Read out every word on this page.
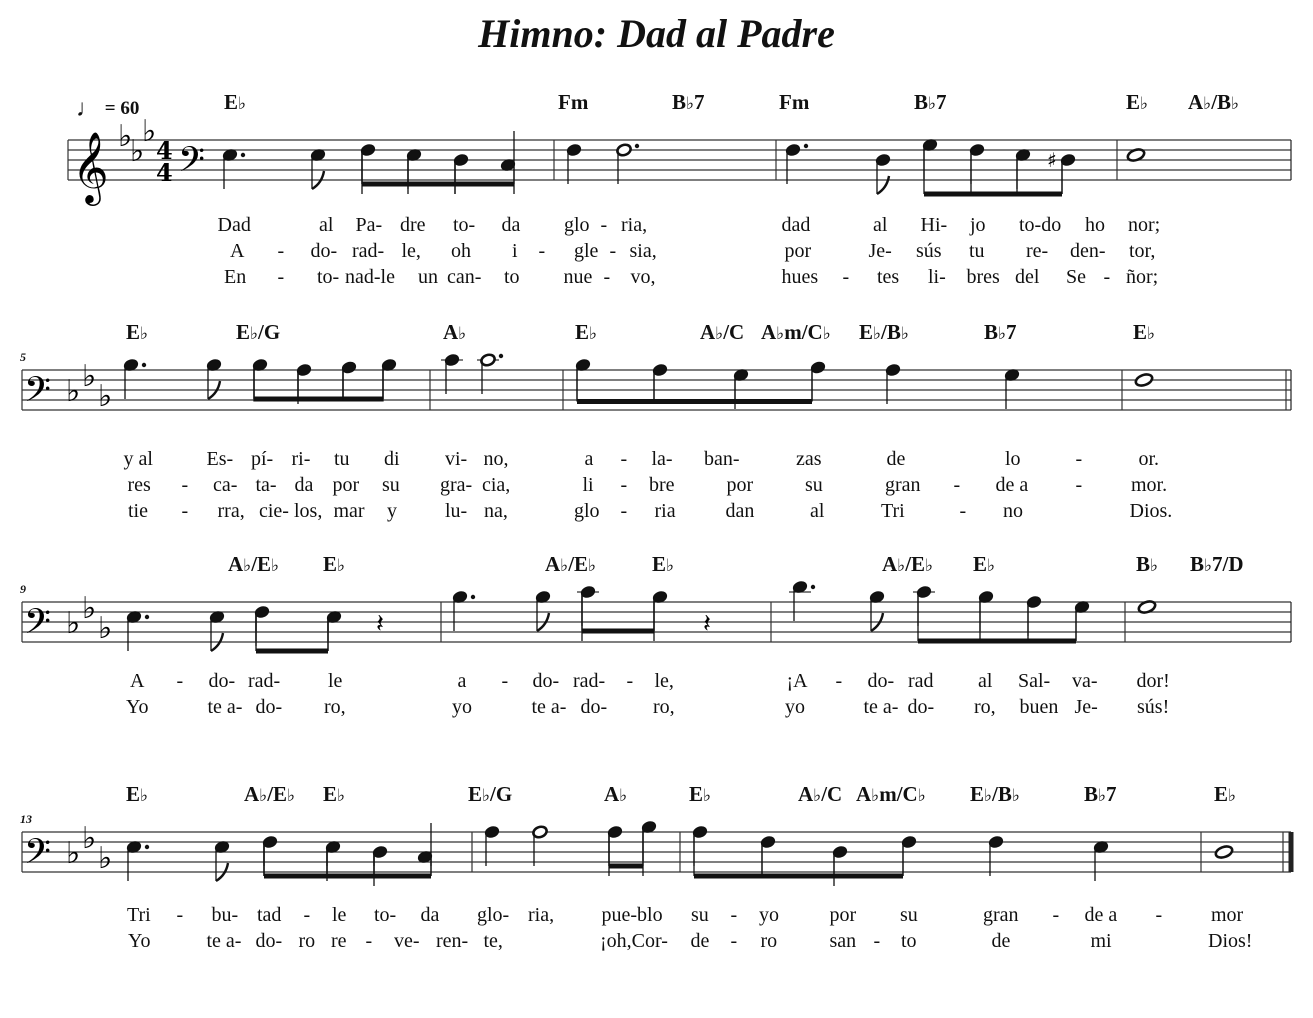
Himno: Dad al Padre
♩ = 60
𝄞 ♭
♭
♭
4
4 𝄢	♯
E♭	Fm	B♭7	Fm	B♭7	E♭ A♭/B♭
Dad	al Pa- dre to- da glo - ria,	dad	al Hi- jo to-do ho nor;
A - do- rad- le, oh i - gle - sia,	por	Je- sús tu re- den- tor,
En - to- nad-le un can- to nue - vo,	hues - tes li- bres del Se - ñor;
♭ ♭
♭
𝄢
5
E♭	E♭/G	A♭	E♭	A♭/C A♭m/C♭ E♭/B♭	B♭7	E♭
y al	Es- pí- ri- tu di vi- no,	a - la- ban-	zas	de	lo	-	or.
res - ca- ta- da por su gra- cia,	li - bre	por	su	gran - de a - mor.
tie - rra, cie- los, mar y lu- na,	glo - ria dan	al	Tri	- no	Dios.
♭ ♭
♭
𝄢	𝄽	𝄽
9
A♭/E♭ E♭	A♭/E♭	E♭	A♭/E♭ E♭	B♭ B♭7/D
A - do- rad- le	a - do- rad- - le,	¡A - do- rad al Sal- va- dor!
Yo	te a- do- ro,	yo	te a- do- ro,	yo	te a- do- ro, buen Je- sús!
♭ ♭
♭
𝄢
13
E♭	A♭/E♭ E♭	E♭/G	A♭	E♭	A♭/C A♭m/C♭ E♭/B♭	B♭7	E♭
Tri - bu- tad - le to- da glo- ria, pue-blo su - yo	por su	gran - de a - mor
Yo	te a- do- ro re - ve- ren- te,	¡oh,Cor- de - ro	san - to	de	mi	Dios!
